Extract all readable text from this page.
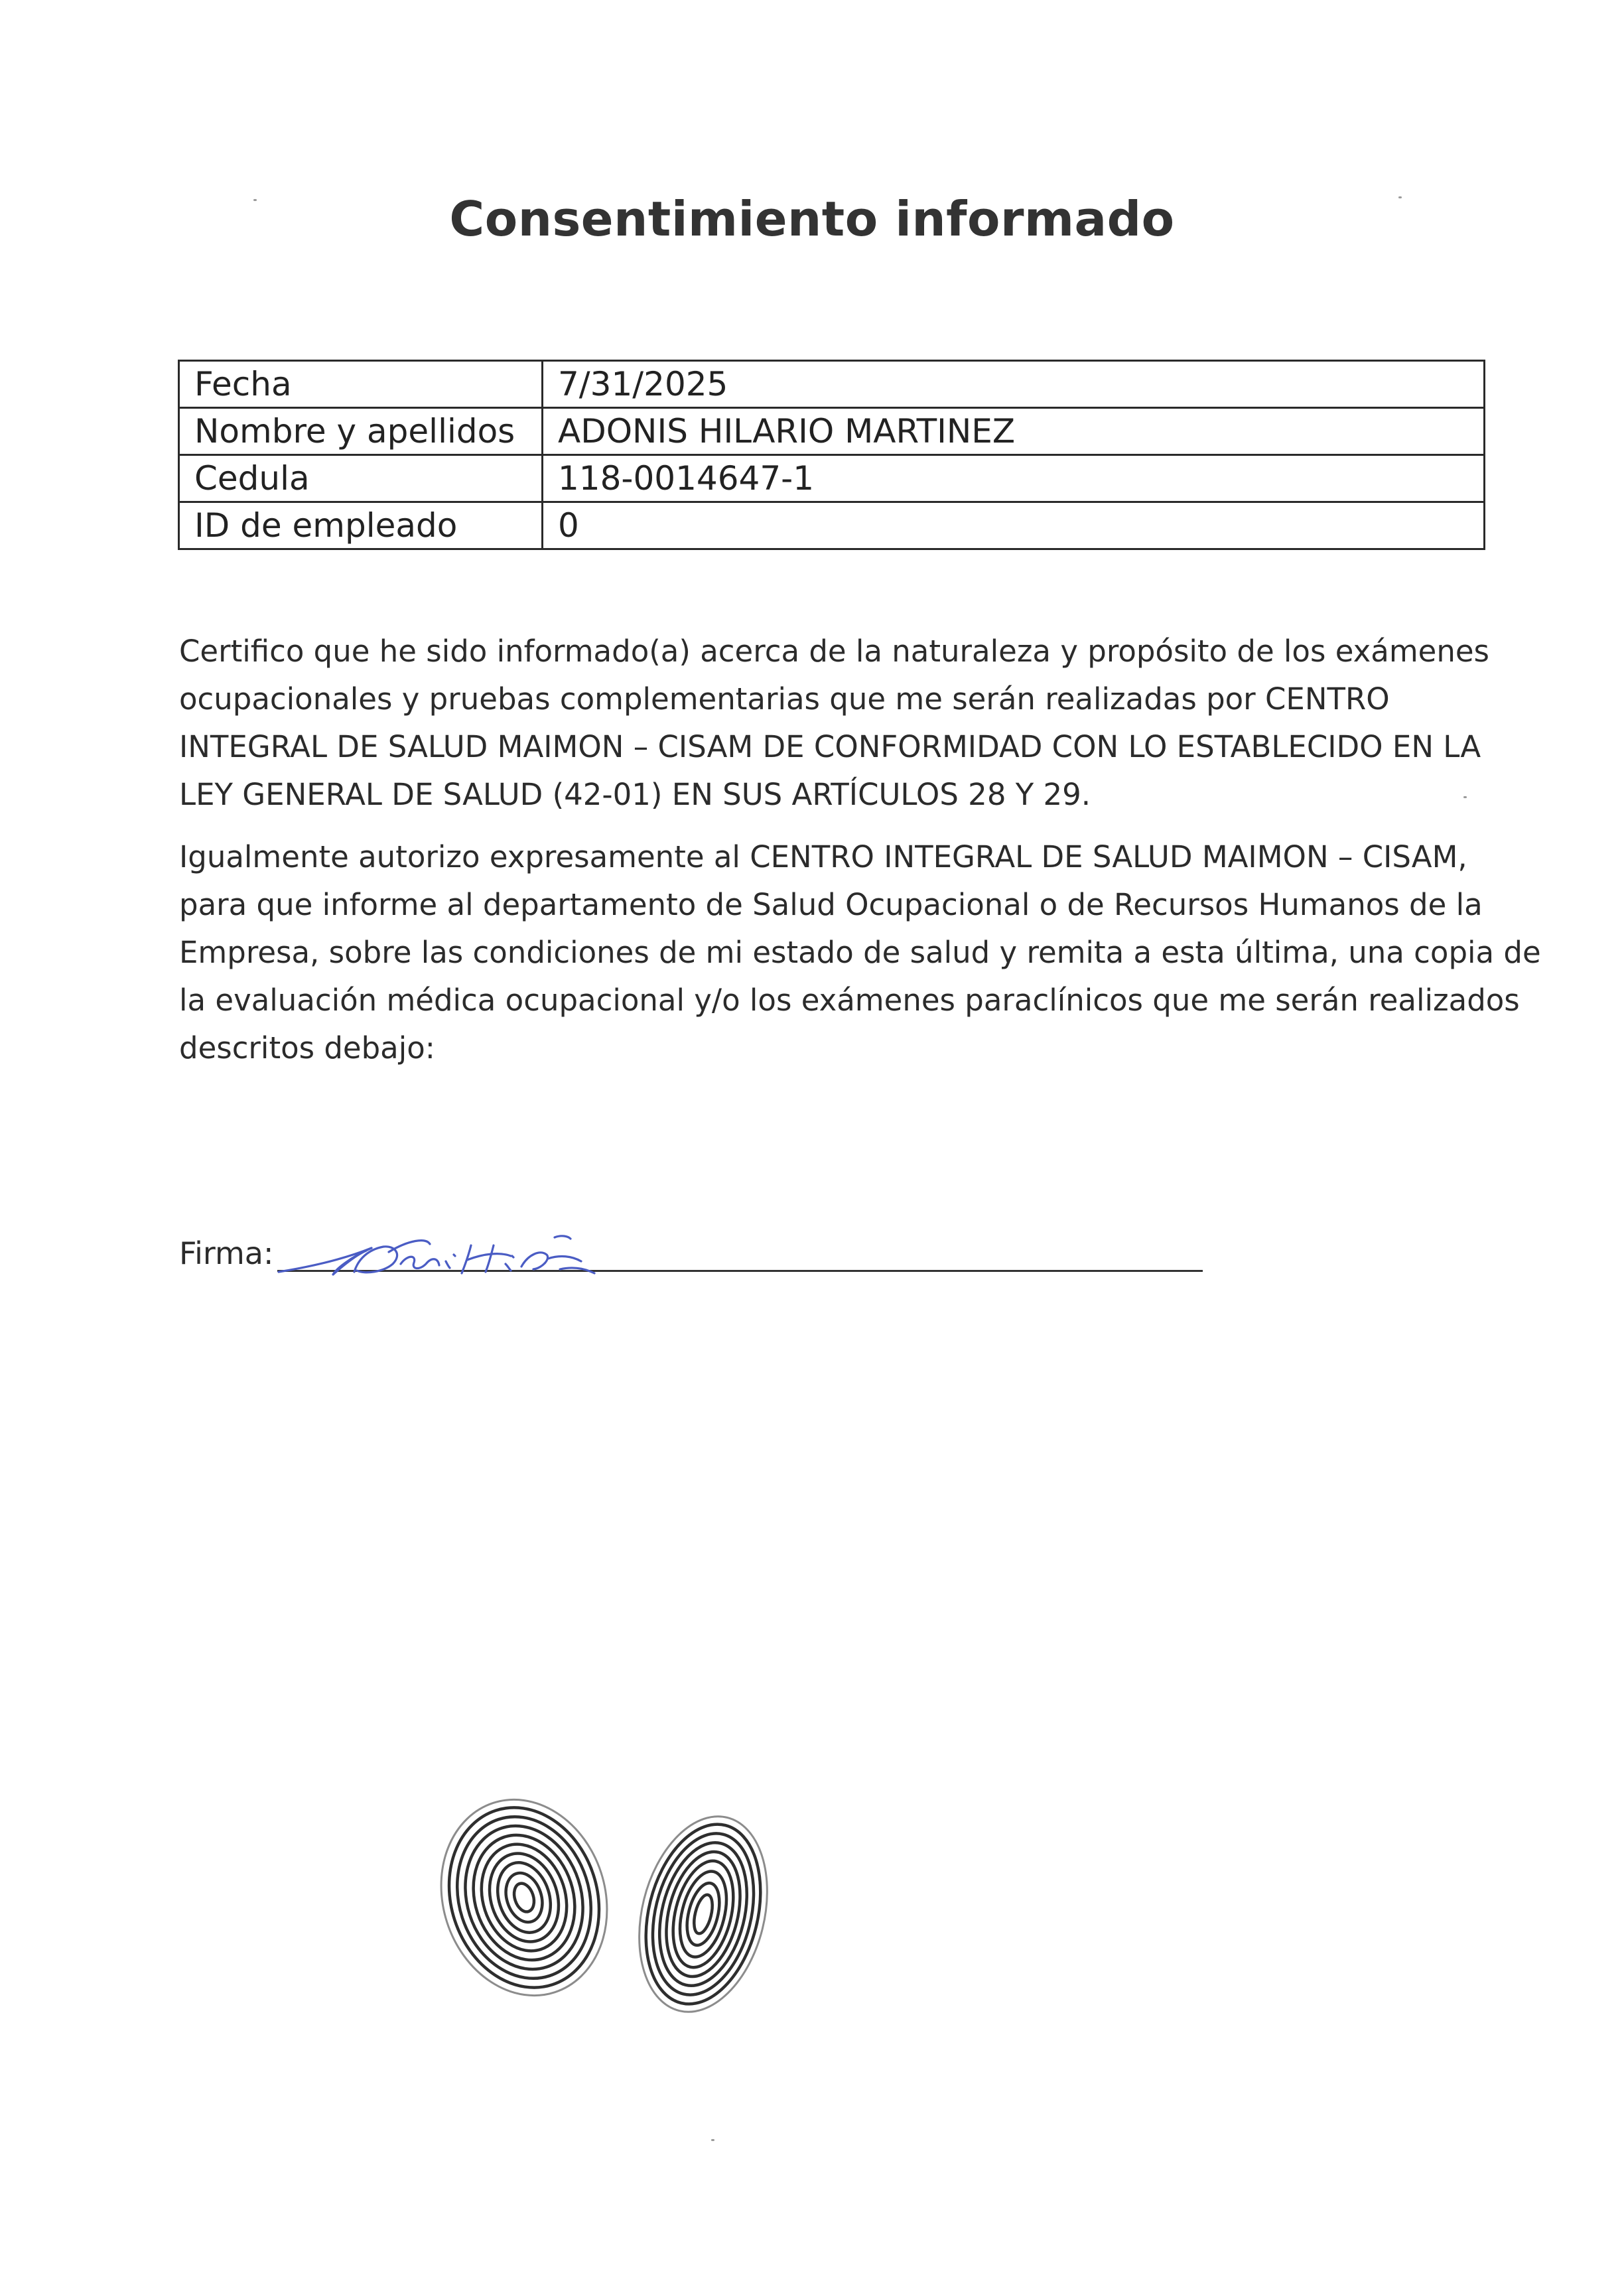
Consentimiento informado
Fecha	7/31/2025
Nombre y apellidos	ADONIS HILARIO MARTINEZ
Cedula	118-0014647-1
ID de empleado	0
Certifico que he sido informado(a) acerca de la naturaleza y propósito de los exámenes
ocupacionales y pruebas complementarias que me serán realizadas por CENTRO
INTEGRAL DE SALUD MAIMON – CISAM DE CONFORMIDAD CON LO ESTABLECIDO EN LA
LEY GENERAL DE SALUD (42-01) EN SUS ARTÍCULOS 28 Y 29.
Igualmente autorizo expresamente al CENTRO INTEGRAL DE SALUD MAIMON – CISAM,
para que informe al departamento de Salud Ocupacional o de Recursos Humanos de la
Empresa, sobre las condiciones de mi estado de salud y remita a esta última, una copia de
la evaluación médica ocupacional y/o los exámenes paraclínicos que me serán realizados
descritos debajo:
Firma:
